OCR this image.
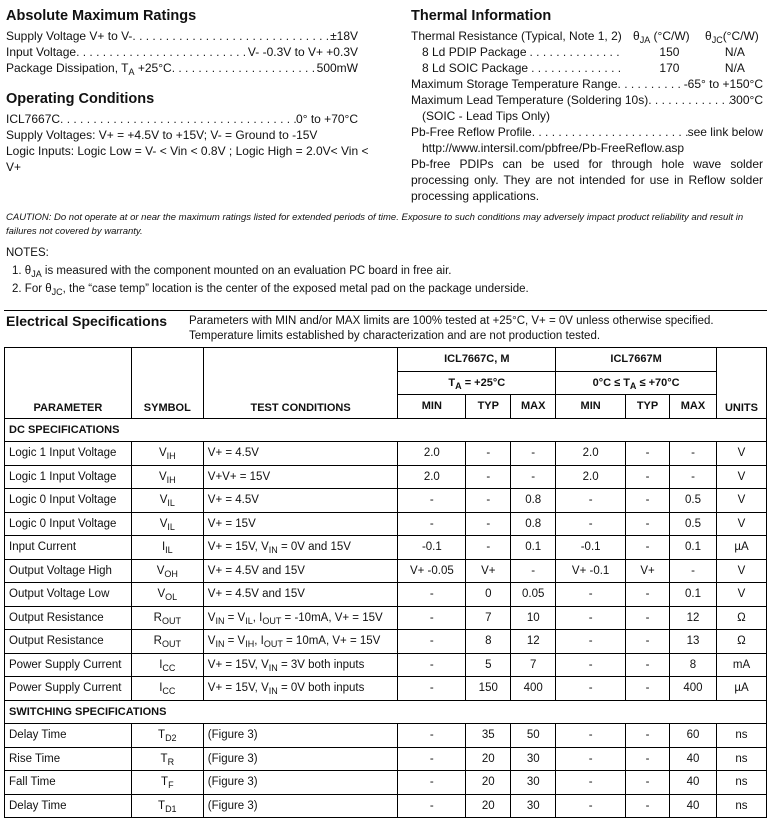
Absolute Maximum Ratings
Supply Voltage V+ to V- . . .	±18V
Input Voltage . . .	V- -0.3V to V+ +0.3V
Package Dissipation, $T_A +25^\circ C$ . . .	500mW
Operating Conditions
ICL7667C . . .	0° to +70°C
Supply Voltages: V+ = +4.5V to +15V; V- = Ground to -15V
Logic Inputs: Logic Low = V- < Vin < 0.8V ; Logic High = 2.0V< Vin <
V+
Thermal Information
Thermal Resistance (Typical, Note 1, 2) $\theta_{JA}$ (°C/W)	$\theta_{JC}(^\circ C/W)$
8 Ld PDIP Package . . .	150	N/A
8 Ld SOIC Package . . .	170	N/A
Maximum Storage Temperature Range . . .	-65° to +150°C
Maximum Lead Temperature (Soldering 10s) . . .	300°C
(SOIC - Lead Tips Only)
Pb-Free Reflow Profile . . .	see link below
http://www.intersil.com/pbfree/Pb-FreeReflow.asp
Pb-free PDIPs can be used for through hole wave solder processing only. They are not intended for use in Reflow solder processing applications.
CAUTION: Do not operate at or near the maximum ratings listed for extended periods of time. Exposure to such conditions may adversely impact product reliability and result in failures not covered by warranty.
NOTES:
1. $\theta_{JA}$ is measured with the component mounted on an evaluation PC board in free air.
2. For $\theta_{JC}$, the “case temp” location is the center of the exposed metal pad on the package underside.
Electrical Specifications Parameters with MIN and/or MAX limits are 100% tested at +25°C, V+ = 0V unless otherwise specified.
Temperature limits established by characterization and are not production tested.
PARAMETER	SYMBOL	TEST CONDITIONS	ICL7667C, M			ICL7667M			UNITS
			$T_A = +25^\circ C$			$0^\circ C \le T_A \le +70^\circ C$			
			MIN	TYP	MAX	MIN	TYP	MAX	
DC SPECIFICATIONS									
Logic 1 Input Voltage	$V_{IH}$	V+ = 4.5V	2.0	-	-	2.0	-	-	V
Logic 1 Input Voltage	$V_{IH}$	V+V+ = 15V	2.0	-	-	2.0	-	-	V
Logic 0 Input Voltage	$V_{IL}$	V+ = 4.5V	-	-	0.8	-	-	0.5	V
Logic 0 Input Voltage	$V_{IL}$	V+ = 15V	-	-	0.8	-	-	0.5	V
Input Current	$I_{IL}$	V+ = 15V, $V_{IN} = 0V$ and 15V	-0.1	-	0.1	-0.1	-	0.1	µA
Output Voltage High	$V_{OH}$	V+ = 4.5V and 15V	V+ -0.05	V+	-	V+ -0.1	V+	-	V
Output Voltage Low	$V_{OL}$	V+ = 4.5V and 15V	-	0	0.05	-	-	0.1	V
Output Resistance	$R_{OUT}$	$V_{IN} = V_{IL}$, $I_{OUT} = -10mA$, V+ = 15V	-	7	10	-	-	12	Ω
Output Resistance	$R_{OUT}$	$V_{IN} = V_{IH}$, $I_{OUT} = 10mA$, V+ = 15V	-	8	12	-	-	13	Ω
Power Supply Current	$I_{CC}$	V+ = 15V, $V_{IN} = 3V$ both inputs	-	5	7	-	-	8	mA
Power Supply Current	$I_{CC}$	V+ = 15V, $V_{IN} = 0V$ both inputs	-	150	400	-	-	400	µA
SWITCHING SPECIFICATIONS									
Delay Time	$T_{D2}$	(Figure 3)	-	35	50	-	-	60	ns
Rise Time	$T_R$	(Figure 3)	-	20	30	-	-	40	ns
Fall Time	$T_F$	(Figure 3)	-	20	30	-	-	40	ns
Delay Time	$T_{D1}$	(Figure 3)	-	20	30	-	-	40	ns
